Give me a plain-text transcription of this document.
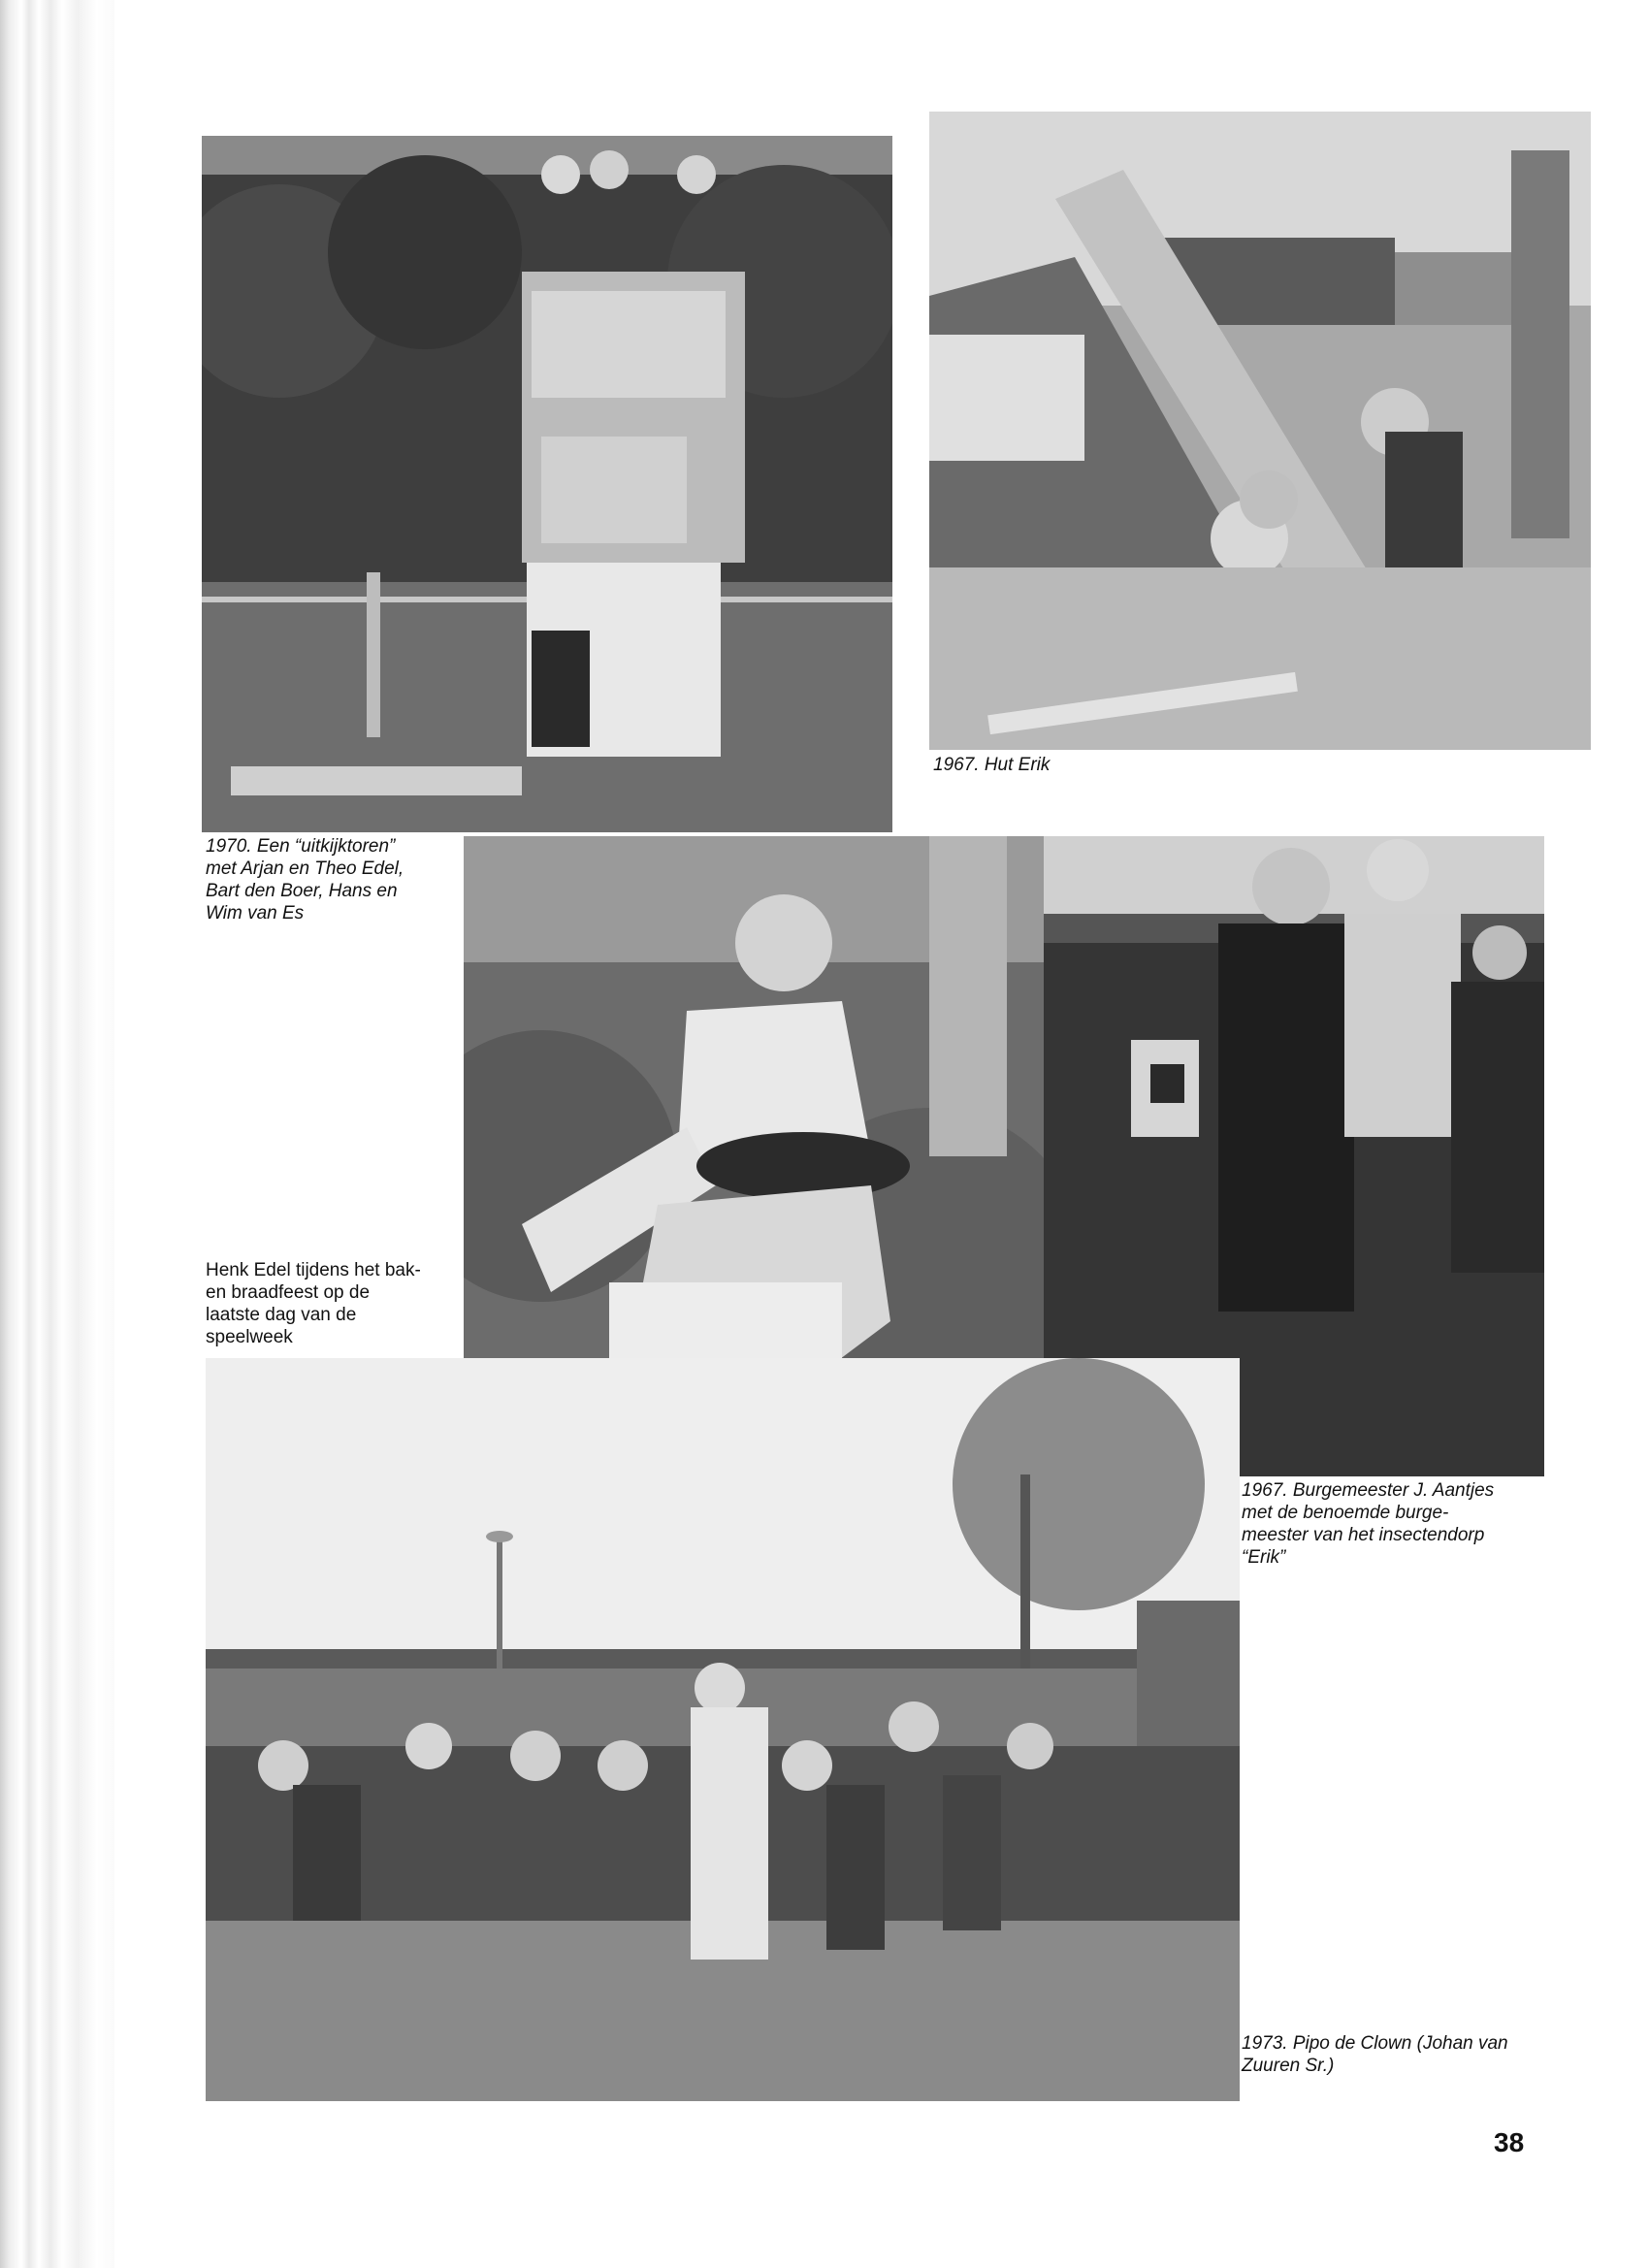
1970. Een “uitkijktoren”
met Arjan en Theo Edel,
Bart den Boer, Hans en
Wim van Es
1967. Hut Erik
Henk Edel tijdens het bak-
en braadfeest op de
laatste dag van de
speelweek
1967. Burgemeester J. Aantjes
met de benoemde burge-
meester van het insectendorp
“Erik”
1973. Pipo de Clown (Johan van
Zuuren Sr.)
38
